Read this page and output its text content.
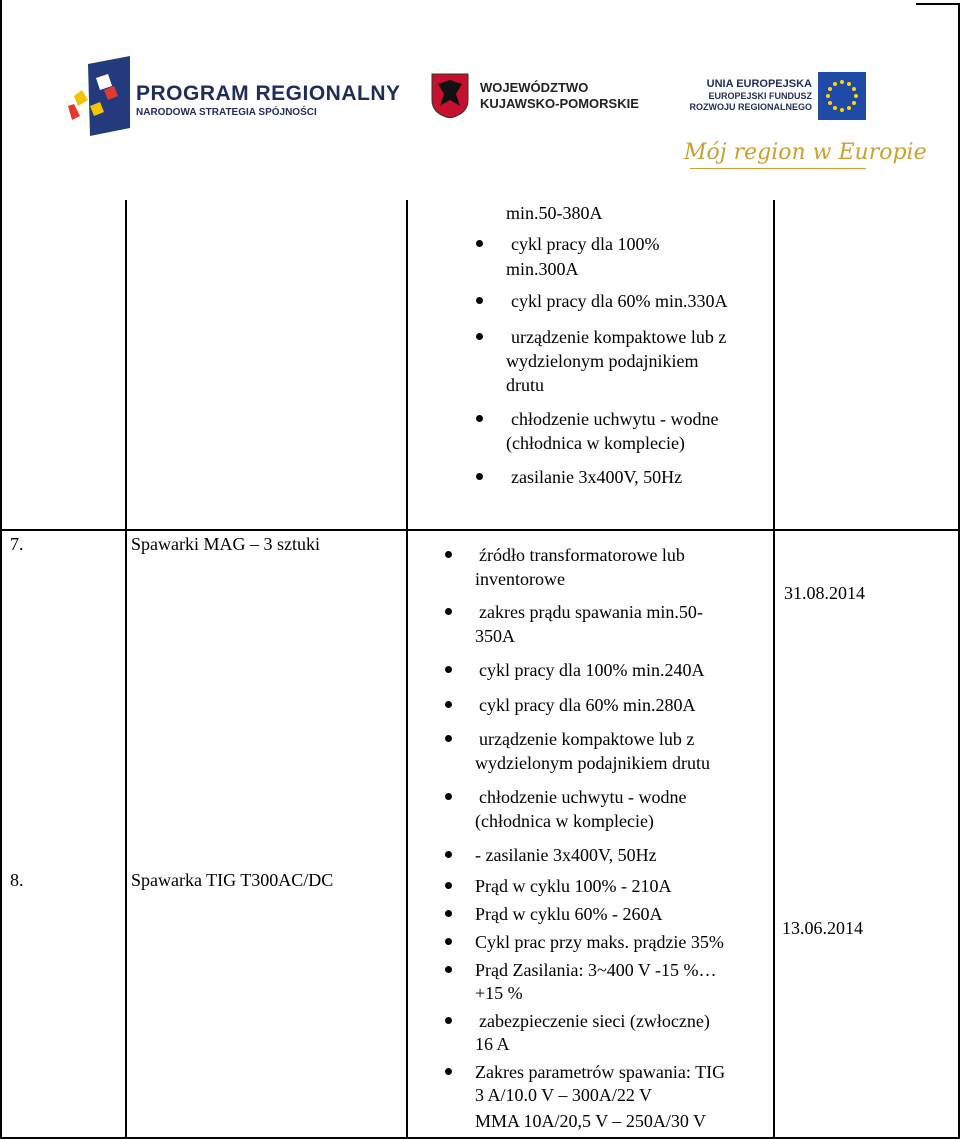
PROGRAM REGIONALNY
NARODOWA STRATEGIA SPÓJNOŚCI
WOJEWÓDZTWO
KUJAWSKO-POMORSKIE
UNIA EUROPEJSKA
EUROPEJSKI FUNDUSZ
ROZWOJU REGIONALNEGO
Mój region w Europie
min.50-380A
cykl pracy dla 100%
min.300A
cykl pracy dla 60% min.330A
urządzenie kompaktowe lub z
wydzielonym podajnikiem
drutu
chłodzenie uchwytu - wodne
(chłodnica w komplecie)
zasilanie 3x400V, 50Hz
7.	Spawarki MAG – 3 sztuki
31.08.2014
źródło transformatorowe lub
inventorowe
zakres prądu spawania min.50-
350A
cykl pracy dla 100% min.240A
cykl pracy dla 60% min.280A
urządzenie kompaktowe lub z
wydzielonym podajnikiem drutu
chłodzenie uchwytu - wodne
(chłodnica w komplecie)
- zasilanie 3x400V, 50Hz
8.	Spawarka TIG T300AC/DC
13.06.2014
Prąd w cyklu 100% - 210A
Prąd w cyklu 60% - 260A
Cykl prac przy maks. prądzie 35%
Prąd Zasilania: 3~400 V -15 %…
+15 %
zabezpieczenie sieci (zwłoczne)
16 A
Zakres parametrów spawania: TIG
3 A/10.0 V – 300A/22 V
MMA 10A/20,5 V – 250A/30 V
